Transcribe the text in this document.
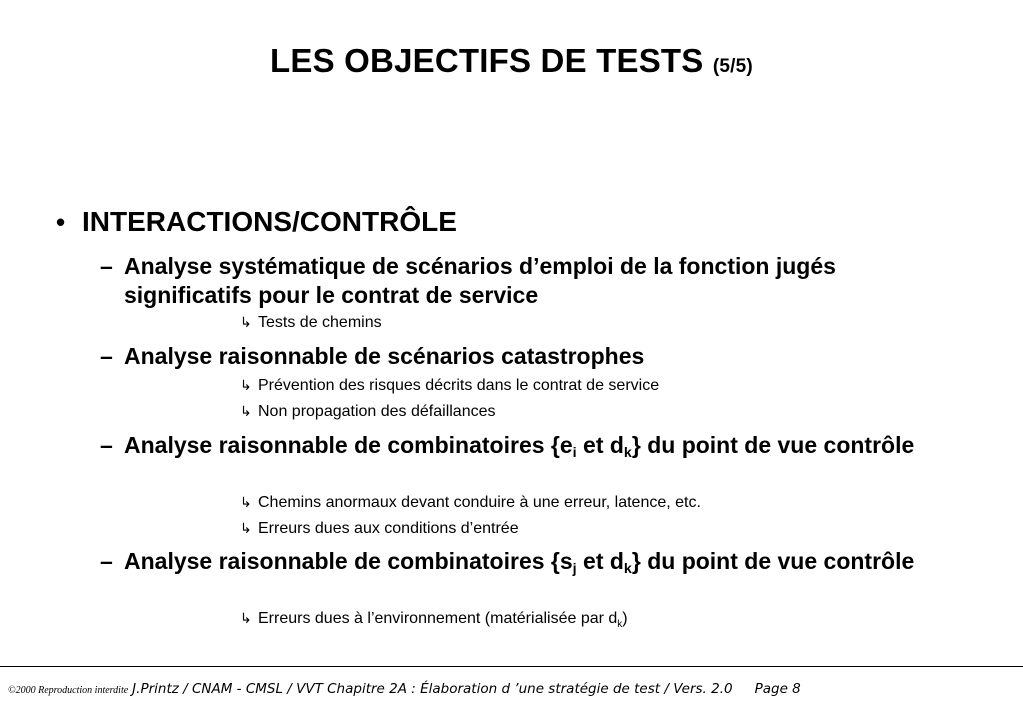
LES OBJECTIFS DE TESTS (5/5)
• INTERACTIONS/CONTRÔLE
– Analyse systématique de scénarios d’emploi de la fonction jugés significatifs pour le contrat de service
↳ Tests de chemins
– Analyse raisonnable de scénarios catastrophes
↳ Prévention des risques décrits dans le contrat de service
↳ Non propagation des défaillances
– Analyse raisonnable de combinatoires {$e_i$ et $d_k$} du point de vue contrôle
↳ Chemins anormaux devant conduire à une erreur, latence, etc.
↳ Erreurs dues aux conditions d’entrée
– Analyse raisonnable de combinatoires {$s_j$ et $d_k$} du point de vue contrôle
↳ Erreurs dues à l’environnement (matérialisée par $d_k$)
©2000 Reproduction interdite J.Printz / CNAM - CMSL / VVT Chapitre 2A : Élaboration d ’une stratégie de test / Vers. 2.0 Page 8
